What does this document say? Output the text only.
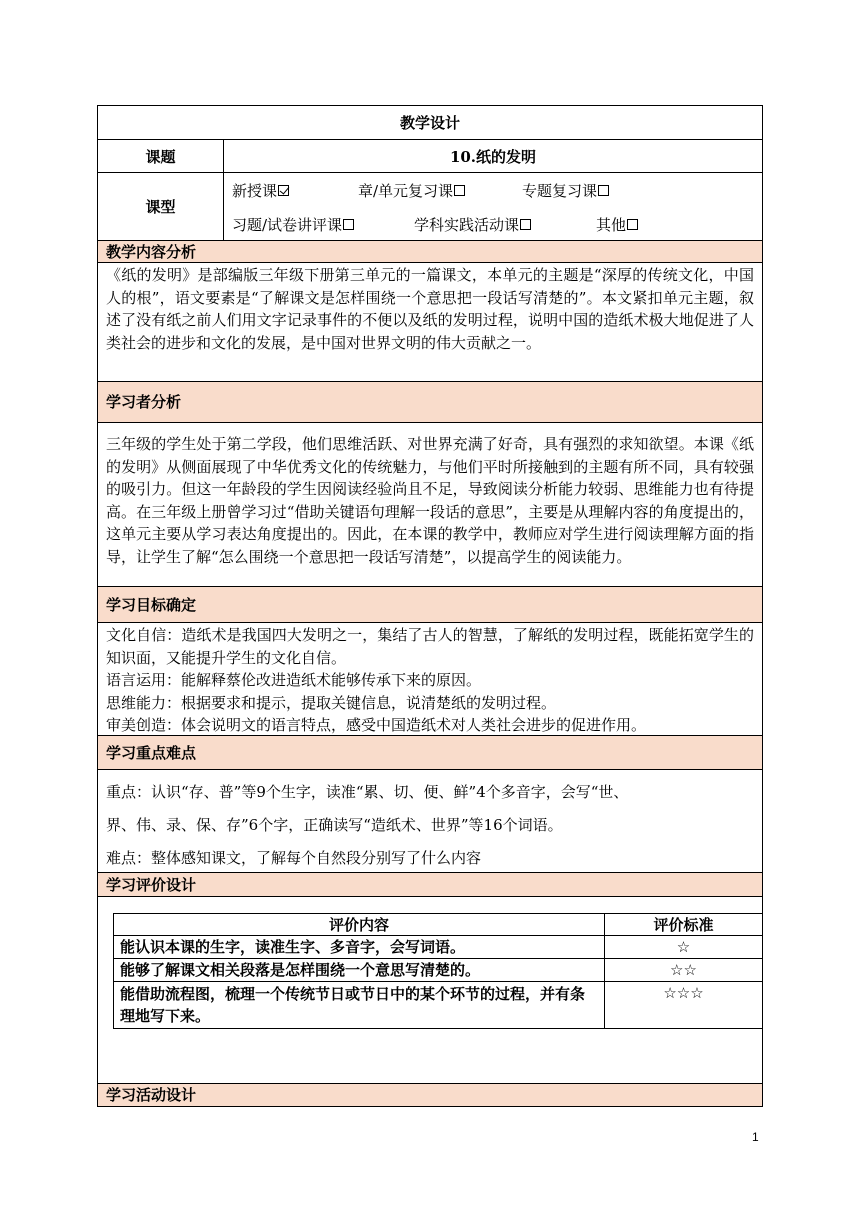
教学设计
课题	10.纸的发明
课型
新授课	章/单元复习课	专题复习课
习题/试卷讲评课	学科实践活动课	其他
教学内容分析

《纸的发明》是部编版三年级下册第三单元的一篇课文，本单元的主题是“深厚的传统文化，中国人的根”，语文要素是“了解课文是怎样围绕一个意思把一段话写清楚的”。本文紧扣单元主题，叙述了没有纸之前人们用文字记录事件的不便以及纸的发明过程，说明中国的造纸术极大地促进了人类社会的进步和文化的发展，是中国对世界文明的伟大贡献之一。

学习者分析

三年级的学生处于第二学段，他们思维活跃、对世界充满了好奇，具有强烈的求知欲望。本课《纸的发明》从侧面展现了中华优秀文化的传统魅力，与他们平时所接触到的主题有所不同，具有较强的吸引力。但这一年龄段的学生因阅读经验尚且不足，导致阅读分析能力较弱、思维能力也有待提高。在三年级上册曾学习过“借助关键语句理解一段话的意思”，主要是从理解内容的角度提出的，这单元主要从学习表达角度提出的。因此，在本课的教学中，教师应对学生进行阅读理解方面的指导，让学生了解“怎么围绕一个意思把一段话写清楚”，以提高学生的阅读能力。

学习目标确定

文化自信：造纸术是我国四大发明之一，集结了古人的智慧，了解纸的发明过程，既能拓宽学生的知识面，又能提升学生的文化自信。

语言运用：能解释蔡伦改进造纸术能够传承下来的原因。

思维能力：根据要求和提示，提取关键信息，说清楚纸的发明过程。

审美创造：体会说明文的语言特点，感受中国造纸术对人类社会进步的促进作用。

学习重点难点

重点：认识“存、普”等9个生字，读准“累、切、便、鲜”4个多音字，会写“世、

界、伟、录、保、存”6个字，正确读写“造纸术、世界”等16个词语。

难点：整体感知课文，了解每个自然段分别写了什么内容

学习评价设计
评价内容	评价标准
能认识本课的生字，读准生字、多音字，会写词语。	☆
能够了解课文相关段落是怎样围绕一个意思写清楚的。	☆☆
能借助流程图，梳理一个传统节日或节日中的某个环节的过程，并有条理地写下来。	☆☆☆
学习活动设计
1
